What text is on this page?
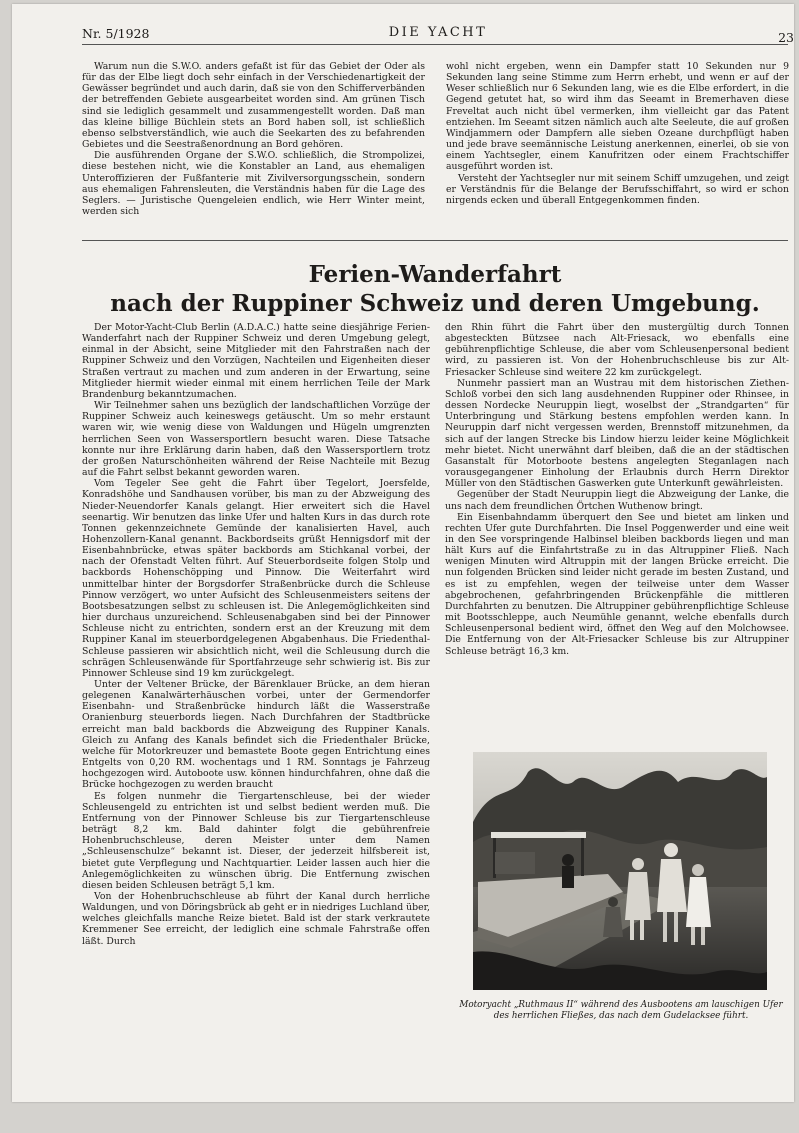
Nr. 5/1928	DIE YACHT	23

Warum nun die S.W.O. anders gefaßt ist für das Gebiet der Oder als für das der Elbe liegt doch sehr einfach in der Verschiedenartigkeit der Gewässer begründet und auch darin, daß sie von den Schifferverbänden der betreffenden Gebiete ausgearbeitet worden sind. Am grünen Tisch sind sie lediglich gesammelt und zusammengestellt worden. Daß man das kleine billige Büchlein stets an Bord haben soll, ist schließlich ebenso selbstverständlich, wie auch die Seekarten des zu befahrenden Gebietes und die Seestraßenordnung an Bord gehören.

Die ausführenden Organe der S.W.O. schließlich, die Strompolizei, diese bestehen nicht, wie die Konstabler an Land, aus ehemaligen Unteroffizieren der Fußfanterie mit Zivilversorgungsschein, sondern aus ehemaligen Fahrensleuten, die Verständnis haben für die Lage des Seglers. — Juristische Quengeleien endlich, wie Herr Winter meint, werden sich

wohl nicht ergeben, wenn ein Dampfer statt 10 Sekunden nur 9 Sekunden lang seine Stimme zum Herrn erhebt, und wenn er auf der Weser schließlich nur 6 Sekunden lang, wie es die Elbe erfordert, in die Gegend getutet hat, so wird ihm das Seeamt in Bremerhaven diese Freveltat auch nicht übel vermerken, ihm vielleicht gar das Patent entziehen. Im Seeamt sitzen nämlich auch alte Seeleute, die auf großen Windjammern oder Dampfern alle sieben Ozeane durchpflügt haben und jede brave seemännische Leistung anerkennen, einerlei, ob sie von einem Yachtsegler, einem Kanufritzen oder einem Frachtschiffer ausgeführt worden ist.

Versteht der Yachtsegler nur mit seinem Schiff umzugehen, und zeigt er Verständnis für die Belange der Berufsschiffahrt, so wird er schon nirgends ecken und überall Entgegenkommen finden.

Ferien-Wanderfahrt
nach der Ruppiner Schweiz und deren Umgebung.

Der Motor-Yacht-Club Berlin (A.D.A.C.) hatte seine diesjährige Ferien-Wanderfahrt nach der Ruppiner Schweiz und deren Umgebung gelegt, einmal in der Absicht, seine Mitglieder mit den Fahrstraßen nach der Ruppiner Schweiz und den Vorzügen, Nachteilen und Eigenheiten dieser Straßen vertraut zu machen und zum anderen in der Erwartung, seine Mitglieder hiermit wieder einmal mit einem herrlichen Teile der Mark Brandenburg bekanntzumachen.

Wir Teilnehmer sahen uns bezüglich der landschaftlichen Vorzüge der Ruppiner Schweiz auch keineswegs getäuscht. Um so mehr erstaunt waren wir, wie wenig diese von Waldungen und Hügeln umgrenzten herrlichen Seen von Wassersportlern besucht waren. Diese Tatsache konnte nur ihre Erklärung darin haben, daß den Wassersportlern trotz der großen Naturschönheiten während der Reise Nachteile mit Bezug auf die Fahrt selbst bekannt geworden waren.

Vom Tegeler See geht die Fahrt über Tegelort, Joersfelde, Konradshöhe und Sandhausen vorüber, bis man zu der Abzweigung des Nieder-Neuendorfer Kanals gelangt. Hier erweitert sich die Havel seenartig. Wir benutzen das linke Ufer und halten Kurs in das durch rote Tonnen gekennzeichnete Gemünde der kanalisierten Havel, auch Hohenzollern-Kanal genannt. Backbordseits grüßt Hennigsdorf mit der Eisenbahnbrücke, etwas später backbords am Stichkanal vorbei, der nach der Ofenstadt Velten führt. Auf Steuerbordseite folgen Stolp und backbords Hohenschöpping und Pinnow. Die Weiterfahrt wird unmittelbar hinter der Borgsdorfer Straßenbrücke durch die Schleuse Pinnow verzögert, wo unter Aufsicht des Schleusenmeisters seitens der Bootsbesatzungen selbst zu schleusen ist. Die Anlegemöglichkeiten sind hier durchaus unzureichend. Schleusenabgaben sind bei der Pinnower Schleuse nicht zu entrichten, sondern erst an der Kreuzung mit dem Ruppiner Kanal im steuerbordgelegenen Abgabenhaus. Die Friedenthal-Schleuse passieren wir absichtlich nicht, weil die Schleusung durch die schrägen Schleusenwände für Sportfahrzeuge sehr schwierig ist. Bis zur Pinnower Schleuse sind 19 km zurückgelegt.

Unter der Veltener Brücke, der Bärenklauer Brücke, an dem hieran gelegenen Kanalwärterhäuschen vorbei, unter der Germendorfer Eisenbahn- und Straßenbrücke hindurch läßt die Wasserstraße Oranienburg steuerbords liegen. Nach Durchfahren der Stadtbrücke erreicht man bald backbords die Abzweigung des Ruppiner Kanals. Gleich zu Anfang des Kanals befindet sich die Friedenthaler Brücke, welche für Motorkreuzer und bemastete Boote gegen Entrichtung eines Entgelts von 0,20 RM. wochentags und 1 RM. Sonntags je Fahrzeug hochgezogen wird. Autoboote usw. können hindurchfahren, ohne daß die Brücke hochgezogen zu werden braucht

Es folgen nunmehr die Tiergartenschleuse, bei der wieder Schleusengeld zu entrichten ist und selbst bedient werden muß. Die Entfernung von der Pinnower Schleuse bis zur Tiergartenschleuse beträgt 8,2 km. Bald dahinter folgt die gebührenfreie Hohenbruchschleuse, deren Meister unter dem Namen „Schleusenschulze“ bekannt ist. Dieser, der jederzeit hilfsbereit ist, bietet gute Verpflegung und Nachtquartier. Leider lassen auch hier die Anlegemöglichkeiten zu wünschen übrig. Die Entfernung zwischen diesen beiden Schleusen beträgt 5,1 km.

Von der Hohenbruchschleuse ab führt der Kanal durch herrliche Waldungen, und von Döringsbrück ab geht er in niedriges Luchland über, welches gleichfalls manche Reize bietet. Bald ist der stark verkrautete Kremmener See erreicht, der lediglich eine schmale Fahrstraße offen läßt. Durch

den Rhin führt die Fahrt über den mustergültig durch Tonnen abgesteckten Bützsee nach Alt-Friesack, wo ebenfalls eine gebührenpflichtige Schleuse, die aber vom Schleusenpersonal bedient wird, zu passieren ist. Von der Hohenbruchschleuse bis zur Alt-Friesacker Schleuse sind weitere 22 km zurückgelegt.

Nunmehr passiert man an Wustrau mit dem historischen Ziethen-Schloß vorbei den sich lang ausdehnenden Ruppiner oder Rhinsee, in dessen Nordecke Neuruppin liegt, woselbst der „Strandgarten“ für Unterbringung und Stärkung bestens empfohlen werden kann. In Neuruppin darf nicht vergessen werden, Brennstoff mitzunehmen, da sich auf der langen Strecke bis Lindow hierzu leider keine Möglichkeit mehr bietet. Nicht unerwähnt darf bleiben, daß die an der städtischen Gasanstalt für Motorboote bestens angelegten Steganlagen nach vorausgegangener Einholung der Erlaubnis durch Herrn Direktor Müller von den Städtischen Gaswerken gute Unterkunft gewährleisten.

Gegenüber der Stadt Neuruppin liegt die Abzweigung der Lanke, die uns nach dem freundlichen Örtchen Wuthenow bringt.

Ein Eisenbahndamm überquert den See und bietet am linken und rechten Ufer gute Durchfahrten. Die Insel Poggenwerder und eine weit in den See vorspringende Halbinsel bleiben backbords liegen und man hält Kurs auf die Einfahrtstraße zu in das Altruppiner Fließ. Nach wenigen Minuten wird Altruppin mit der langen Brücke erreicht. Die nun folgenden Brücken sind leider nicht gerade im besten Zustand, und es ist zu empfehlen, wegen der teilweise unter dem Wasser abgebrochenen, gefahrbringenden Brückenpfähle die mittleren Durchfahrten zu benutzen. Die Altruppiner gebührenpflichtige Schleuse mit Bootsschleppe, auch Neumühle genannt, welche ebenfalls durch Schleusenpersonal bedient wird, öffnet den Weg auf den Molchowsee. Die Entfernung von der Alt-Friesacker Schleuse bis zur Altruppiner Schleuse beträgt 16,3 km.

Motoryacht „Ruthmaus II“ während des Ausbootens am lauschigen Ufer des herrlichen Fließes, das nach dem Gudelacksee führt.
